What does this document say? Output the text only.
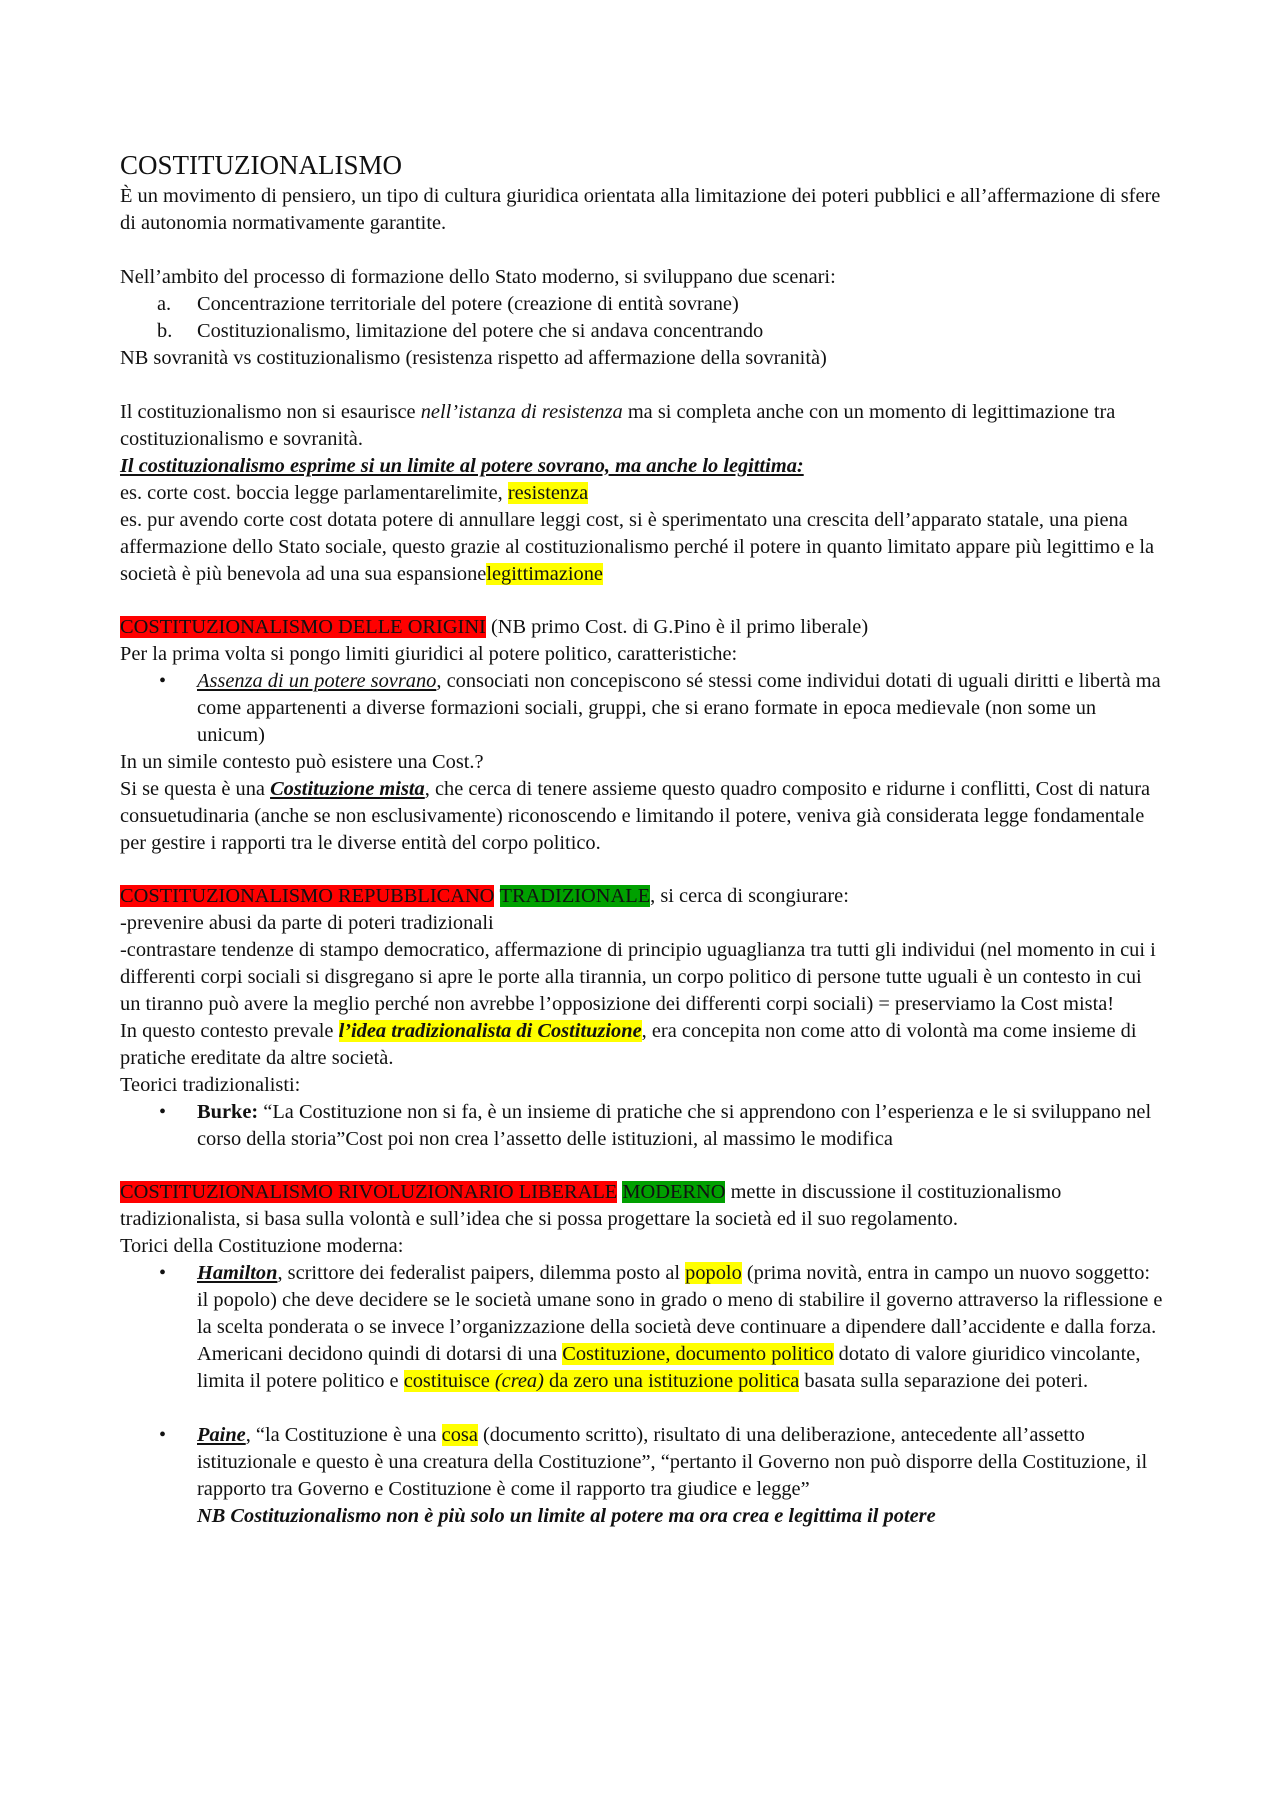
COSTITUZIONALISMO

È un movimento di pensiero, un tipo di cultura giuridica orientata alla limitazione dei poteri pubblici e all’affermazione di sfere di autonomia normativamente garantite.

Nell’ambito del processo di formazione dello Stato moderno, si sviluppano due scenari:

a.	Concentrazione territoriale del potere (creazione di entità sovrane)
b.	Costituzionalismo, limitazione del potere che si andava concentrando

NB sovranità vs costituzionalismo (resistenza rispetto ad affermazione della sovranità)

Il costituzionalismo non si esaurisce nell’istanza di resistenza ma si completa anche con un momento di legittimazione tra costituzionalismo e sovranità.

Il costituzionalismo esprime si un limite al potere sovrano, ma anche lo legittima:

es. corte cost. boccia legge parlamentarelimite, resistenza

es. pur avendo corte cost dotata potere di annullare leggi cost, si è sperimentato una crescita dell’apparato statale, una piena affermazione dello Stato sociale, questo grazie al costituzionalismo perché il potere in quanto limitato appare più legittimo e la società è più benevola ad una sua espansionelegittimazione

COSTITUZIONALISMO DELLE ORIGINI (NB primo Cost. di G.Pino è il primo liberale)

Per la prima volta si pongo limiti giuridici al potere politico, caratteristiche:

• Assenza di un potere sovrano, consociati non concepiscono sé stessi come individui dotati di uguali diritti e libertà ma come appartenenti a diverse formazioni sociali, gruppi, che si erano formate in epoca medievale (non some un unicum)

In un simile contesto può esistere una Cost.?

Si se questa è una Costituzione mista, che cerca di tenere assieme questo quadro composito e ridurne i conflitti, Cost di natura consuetudinaria (anche se non esclusivamente) riconoscendo e limitando il potere, veniva già considerata legge fondamentale per gestire i rapporti tra le diverse entità del corpo politico.

COSTITUZIONALISMO REPUBBLICANO TRADIZIONALE, si cerca di scongiurare:

-prevenire abusi da parte di poteri tradizionali

-contrastare tendenze di stampo democratico, affermazione di principio uguaglianza tra tutti gli individui (nel momento in cui i differenti corpi sociali si disgregano si apre le porte alla tirannia, un corpo politico di persone tutte uguali è un contesto in cui un tiranno può avere la meglio perché non avrebbe l’opposizione dei differenti corpi sociali) = preserviamo la Cost mista!

In questo contesto prevale l’idea tradizionalista di Costituzione, era concepita non come atto di volontà ma come insieme di pratiche ereditate da altre società.

Teorici tradizionalisti:

• Burke: “La Costituzione non si fa, è un insieme di pratiche che si apprendono con l’esperienza e le si sviluppano nel corso della storia”Cost poi non crea l’assetto delle istituzioni, al massimo le modifica

COSTITUZIONALISMO RIVOLUZIONARIO LIBERALE MODERNO mette in discussione il costituzionalismo tradizionalista, si basa sulla volontà e sull’idea che si possa progettare la società ed il suo regolamento.

Torici della Costituzione moderna:

• Hamilton, scrittore dei federalist paipers, dilemma posto al popolo (prima novità, entra in campo un nuovo soggetto: il popolo) che deve decidere se le società umane sono in grado o meno di stabilire il governo attraverso la riflessione e la scelta ponderata o se invece l’organizzazione della società deve continuare a dipendere dall’accidente e dalla forza.

Americani decidono quindi di dotarsi di una Costituzione, documento politico dotato di valore giuridico vincolante, limita il potere politico e costituisce (crea) da zero una istituzione politica basata sulla separazione dei poteri.

• Paine, “la Costituzione è una cosa (documento scritto), risultato di una deliberazione, antecedente all’assetto istituzionale e questo è una creatura della Costituzione”, “pertanto il Governo non può disporre della Costituzione, il rapporto tra Governo e Costituzione è come il rapporto tra giudice e legge”

NB Costituzionalismo non è più solo un limite al potere ma ora crea e legittima il potere
